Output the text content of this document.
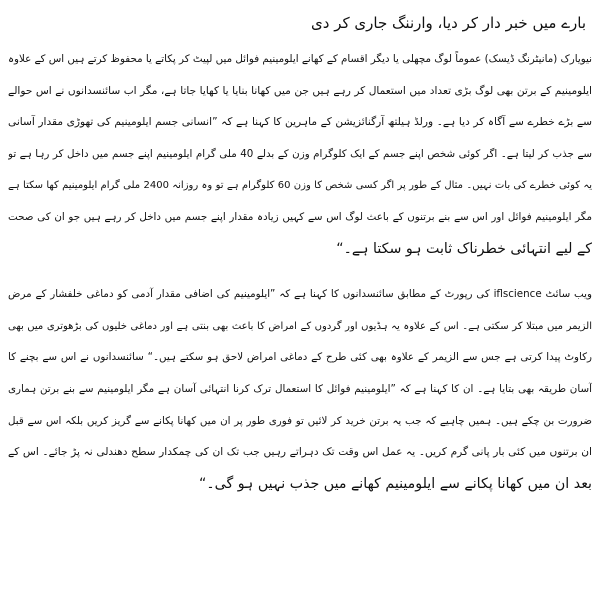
بارے میں خبر دار کر دیا، وارننگ جاری کر دی
نیویارک (مانیٹرنگ ڈیسک) عموماً لوگ مچھلی یا دیگر اقسام کے کھانے ایلومینیم فوائل میں لپیٹ کر پکاتے یا محفوظ کرتے ہیں اس کے علاوہ
ایلومینیم کے برتن بھی لوگ بڑی تعداد میں استعمال کر رہے ہیں جن میں کھانا بنایا یا کھایا جاتا ہے، مگر اب سائنسدانوں نے اس حوالے
سے بڑے خطرے سے آگاہ کر دیا ہے۔ ورلڈ ہیلتھ آرگنائزیشن کے ماہرین کا کہنا ہے کہ ”انسانی جسم ایلومینیم کی تھوڑی مقدار آسانی
سے جذب کر لیتا ہے۔ اگر کوئی شخص اپنے جسم کے ایک کلوگرام وزن کے بدلے 40 ملی گرام ایلومینیم اپنے جسم میں داخل کر رہا ہے تو
یہ کوئی خطرے کی بات نہیں۔ مثال کے طور پر اگر کسی شخص کا وزن 60 کلوگرام ہے تو وہ روزانہ 2400 ملی گرام ایلومینیم کھا سکتا ہے
مگر ایلومینیم فوائل اور اس سے بنے برتنوں کے باعث لوگ اس سے کہیں زیادہ مقدار اپنے جسم میں داخل کر رہے ہیں جو ان کی صحت
کے لیے انتہائی خطرناک ثابت ہو سکتا ہے۔“
ویب سائٹ iflscience کی رپورٹ کے مطابق سائنسدانوں کا کہنا ہے کہ ”ایلومینیم کی اضافی مقدار آدمی کو دماغی خلفشار کے مرض
الزیمر میں مبتلا کر سکتی ہے۔ اس کے علاوہ یہ ہڈیوں اور گردوں کے امراض کا باعث بھی بنتی ہے اور دماغی خلیوں کی بڑھوتری میں بھی
رکاوٹ پیدا کرتی ہے جس سے الزیمر کے علاوہ بھی کئی طرح کے دماغی امراض لاحق ہو سکتے ہیں۔“ سائنسدانوں نے اس سے بچنے کا
آسان طریقہ بھی بتایا ہے۔ ان کا کہنا ہے کہ ”ایلومینیم فوائل کا استعمال ترک کرنا انتہائی آسان ہے مگر ایلومینیم سے بنے برتن ہماری
ضرورت بن چکے ہیں۔ ہمیں چاہیے کہ جب یہ برتن خرید کر لائیں تو فوری طور پر ان میں کھانا پکانے سے گریز کریں بلکہ اس سے قبل
ان برتنوں میں کئی بار پانی گرم کریں۔ یہ عمل اس وقت تک دہراتے رہیں جب تک ان کی چمکدار سطح دھندلی نہ پڑ جائے۔ اس کے
بعد ان میں کھانا پکانے سے ایلومینیم کھانے میں جذب نہیں ہو گی۔“
